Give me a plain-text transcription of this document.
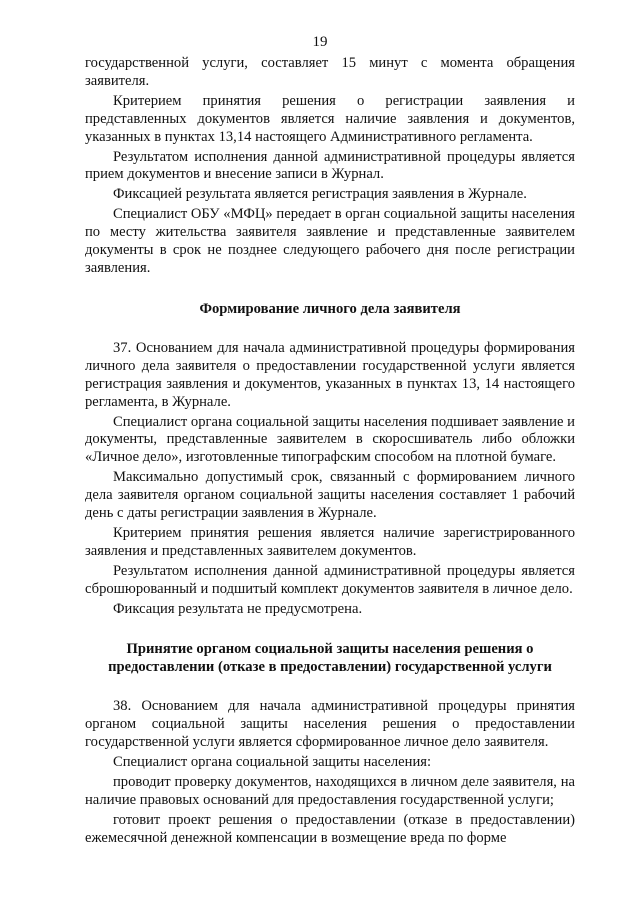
19

государственной услуги, составляет 15 минут с момента обращения заявителя.

Критерием принятия решения о регистрации заявления и представленных документов является наличие заявления и документов, указанных в пунктах 13,14 настоящего Административного регламента.

Результатом исполнения данной административной процедуры является прием документов и внесение записи в Журнал.

Фиксацией результата является регистрация заявления в Журнале.

Специалист ОБУ «МФЦ» передает в орган социальной защиты населения по месту жительства заявителя заявление и представленные заявителем документы в срок не позднее следующего рабочего дня после регистрации заявления.

Формирование личного дела заявителя

37. Основанием для начала административной процедуры формирования личного дела заявителя о предоставлении государственной услуги является регистрация заявления и документов, указанных в пунктах 13, 14 настоящего регламента, в Журнале.

Специалист органа социальной защиты населения подшивает заявление и документы, представленные заявителем в скоросшиватель либо обложки «Личное дело», изготовленные типографским способом на плотной бумаге.

Максимально допустимый срок, связанный с формированием личного дела заявителя органом социальной защиты населения составляет 1 рабочий день с даты регистрации заявления в Журнале.

Критерием принятия решения является наличие зарегистрированного заявления и представленных заявителем документов.

Результатом исполнения данной административной процедуры является сброшюрованный и подшитый комплект документов заявителя в личное дело.

Фиксация результата не предусмотрена.

Принятие органом социальной защиты населения решения о предоставлении (отказе в предоставлении) государственной услуги

38. Основанием для начала административной процедуры принятия органом социальной защиты населения решения о предоставлении государственной услуги является сформированное личное дело заявителя.

Специалист органа социальной защиты населения:

проводит проверку документов, находящихся в личном деле заявителя, на наличие правовых оснований для предоставления государственной услуги;

готовит проект решения о предоставлении (отказе в предоставлении) ежемесячной денежной компенсации в возмещение вреда по форме
